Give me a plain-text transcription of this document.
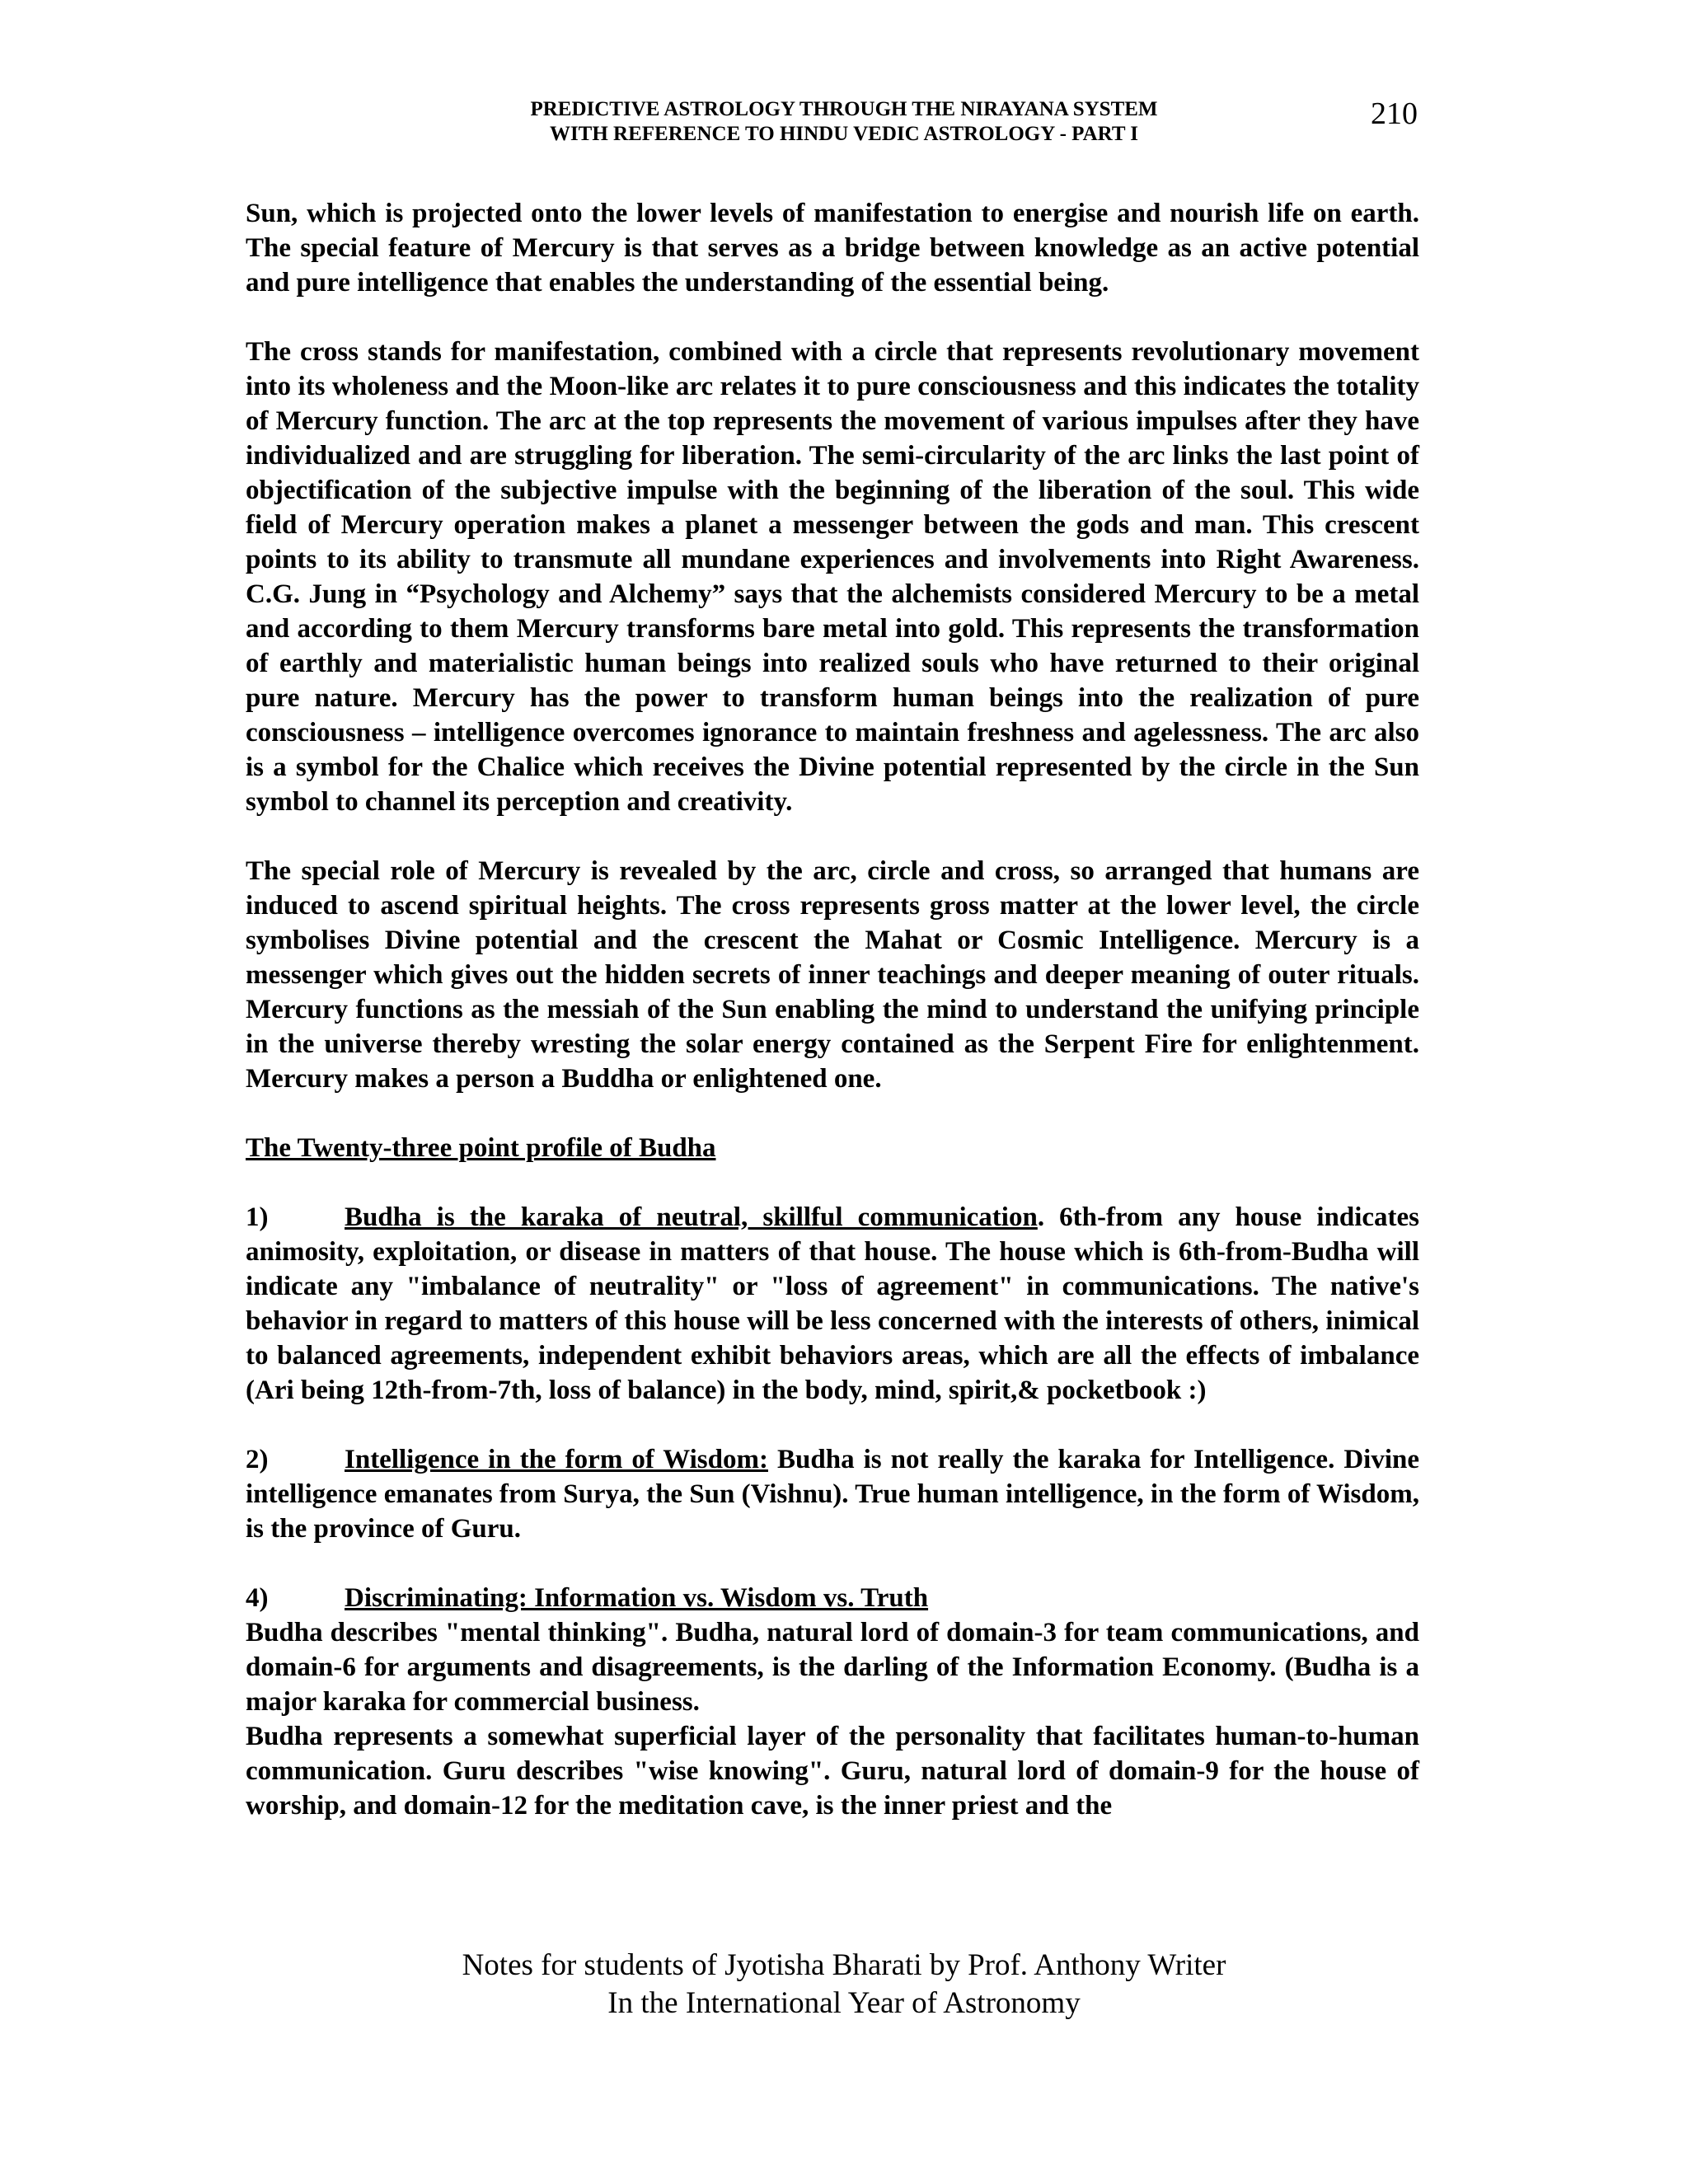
PREDICTIVE ASTROLOGY THROUGH THE NIRAYANA SYSTEM
WITH REFERENCE TO HINDU VEDIC ASTROLOGY - PART I
210

Sun, which is projected onto the lower levels of manifestation to energise and nourish life on earth. The special feature of Mercury is that serves as a bridge between knowledge as an active potential and pure intelligence that enables the understanding of the essential being.

The cross stands for manifestation, combined with a circle that represents revolutionary movement into its wholeness and the Moon-like arc relates it to pure consciousness and this indicates the totality of Mercury function. The arc at the top represents the movement of various impulses after they have individualized and are struggling for liberation. The semi-circularity of the arc links the last point of objectification of the subjective impulse with the beginning of the liberation of the soul. This wide field of Mercury operation makes a planet a messenger between the gods and man. This crescent points to its ability to transmute all mundane experiences and involvements into Right Awareness. C.G. Jung in “Psychology and Alchemy” says that the alchemists considered Mercury to be a metal and according to them Mercury transforms bare metal into gold. This represents the transformation of earthly and materialistic human beings into realized souls who have returned to their original pure nature. Mercury has the power to transform human beings into the realization of pure consciousness – intelligence overcomes ignorance to maintain freshness and agelessness. The arc also is a symbol for the Chalice which receives the Divine potential represented by the circle in the Sun symbol to channel its perception and creativity.

The special role of Mercury is revealed by the arc, circle and cross, so arranged that humans are induced to ascend spiritual heights. The cross represents gross matter at the lower level, the circle symbolises Divine potential and the crescent the Mahat or Cosmic Intelligence. Mercury is a messenger which gives out the hidden secrets of inner teachings and deeper meaning of outer rituals. Mercury functions as the messiah of the Sun enabling the mind to understand the unifying principle in the universe thereby wresting the solar energy contained as the Serpent Fire for enlightenment. Mercury makes a person a Buddha or enlightened one.

The Twenty-three point profile of Budha

1)	Budha is the karaka of neutral, skillful communication. 6th-from any house indicates animosity, exploitation, or disease in matters of that house. The house which is 6th-from-Budha will indicate any "imbalance of neutrality" or "loss of agreement" in communications. The native's behavior in regard to matters of this house will be less concerned with the interests of others, inimical to balanced agreements, independent exhibit behaviors areas, which are all the effects of imbalance (Ari being 12th-from-7th, loss of balance) in the body, mind, spirit,& pocketbook :)

2)	Intelligence in the form of Wisdom: Budha is not really the karaka for Intelligence. Divine intelligence emanates from Surya, the Sun (Vishnu). True human intelligence, in the form of Wisdom, is the province of Guru.

4)	Discriminating: Information vs. Wisdom vs. Truth

Budha describes "mental thinking". Budha, natural lord of domain-3 for team communications, and domain-6 for arguments and disagreements, is the darling of the Information Economy. (Budha is a major karaka for commercial business.

Budha represents a somewhat superficial layer of the personality that facilitates human-to-human communication. Guru describes "wise knowing". Guru, natural lord of domain-9 for the house of worship, and domain-12 for the meditation cave, is the inner priest and the

Notes for students of Jyotisha Bharati by Prof. Anthony Writer
In the International Year of Astronomy
